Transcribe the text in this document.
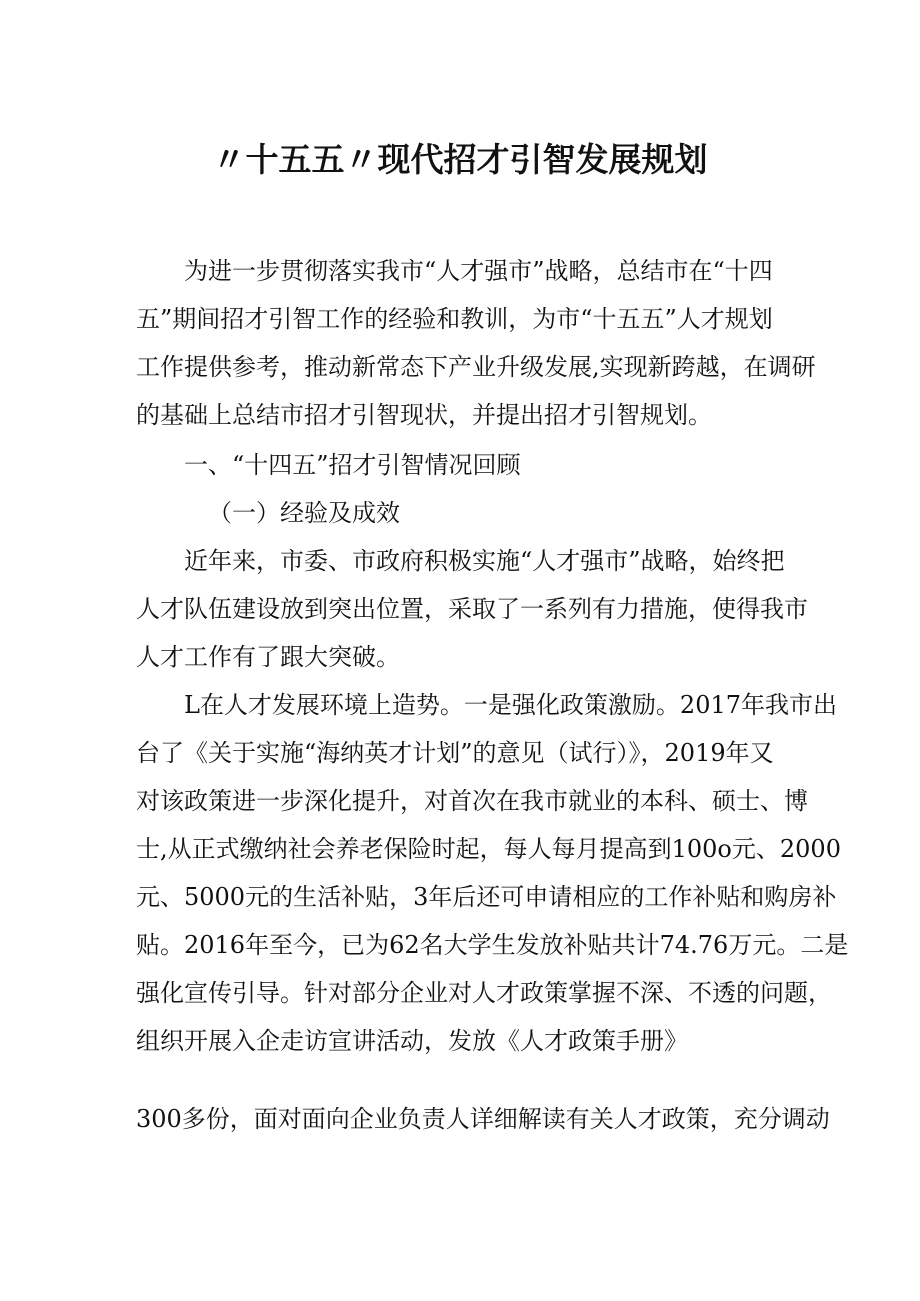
〃十五五〃现代招才引智发展规划
为进一步贯彻落实我市“人才强市”战略，总结市在“十四
五”期间招才引智工作的经验和教训，为市“十五五”人才规划
工作提供参考，推动新常态下产业升级发展,实现新跨越，在调研
的基础上总结市招才引智现状，并提出招才引智规划。
一、“十四五”招才引智情况回顾
（一）经验及成效
近年来，市委、市政府积极实施“人才强市”战略，始终把
人才队伍建设放到突出位置，采取了一系列有力措施，使得我市
人才工作有了跟大突破。
L在人才发展环境上造势。一是强化政策激励。2017年我市出
台了《关于实施“海纳英才计划”的意见（试行）》，2019年又
对该政策进一步深化提升，对首次在我市就业的本科、硕士、博
士,从正式缴纳社会养老保险时起，每人每月提高到100o元、2000
元、5000元的生活补贴，3年后还可申请相应的工作补贴和购房补
贴。2016年至今，已为62名大学生发放补贴共计74.76万元。二是
强化宣传引导。针对部分企业对人才政策掌握不深、不透的问题，
组织开展入企走访宣讲活动，发放《人才政策手册》
300多份，面对面向企业负责人详细解读有关人才政策，充分调动
